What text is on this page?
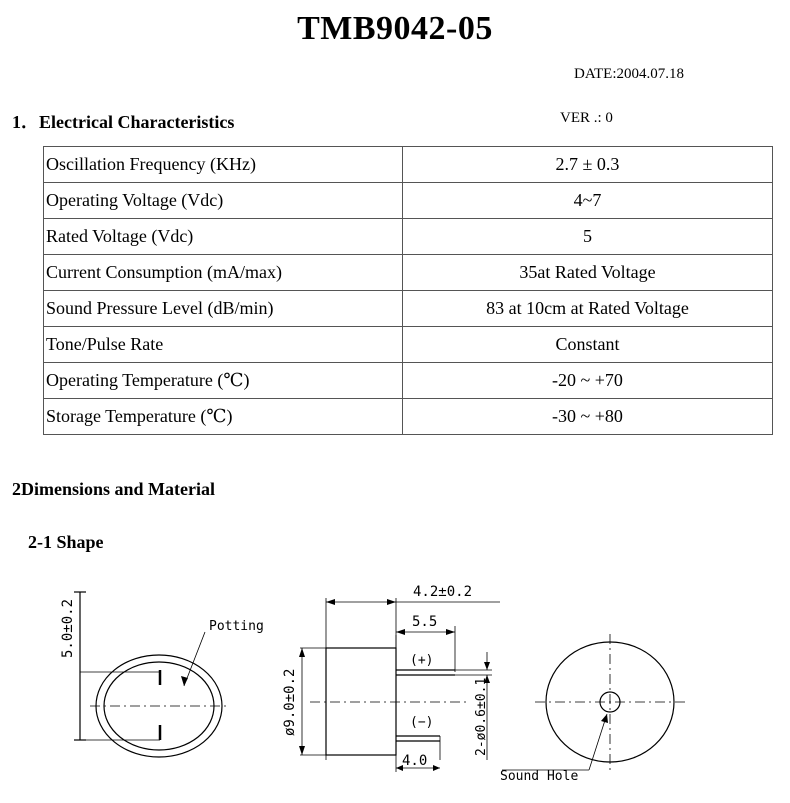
TMB9042-05
DATE:2004.07.18
1．Electrical Characteristics	VER .: 0
Oscillation Frequency (KHz)	2.7 ± 0.3
Operating Voltage (Vdc)	4~7
Rated Voltage (Vdc)	5
Current Consumption (mA/max)	35at Rated Voltage
Sound Pressure Level (dB/min)	83 at 10cm at Rated Voltage
Tone/Pulse Rate	Constant
Operating Temperature (℃)	-20 ~ +70
Storage Temperature (℃)	-30 ~ +80
2Dimensions and Material
2-1 Shape
5.0±0.2	Potting
4.2±0.2
5.5
(+)
(−)
ø9.0±0.2	2-ø0.6±0.1
4.0
Sound Hole
